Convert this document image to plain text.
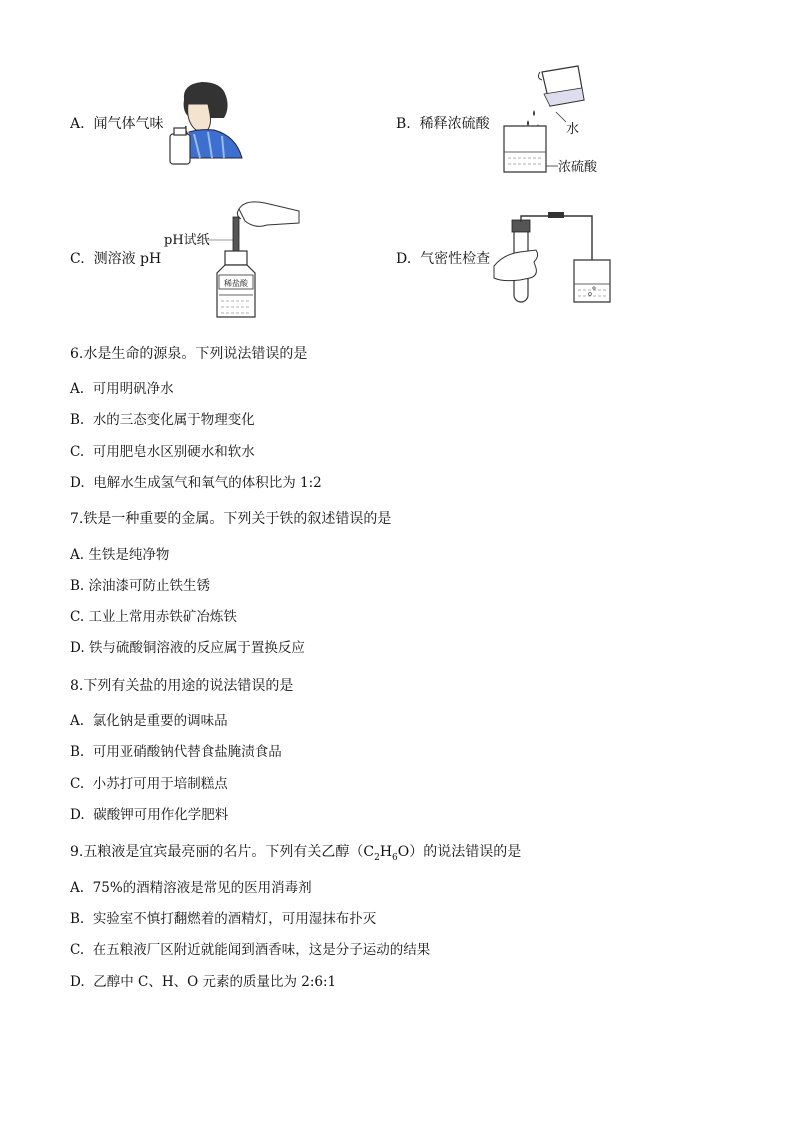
A. 闻气体气味	B. 稀释浓硫酸	水
浓硫酸
C. 测溶液 pH
pH试纸
稀盐酸
D. 气密性检查
6.水是生命的源泉。下列说法错误的是
A. 可用明矾净水
B. 水的三态变化属于物理变化
C. 可用肥皂水区别硬水和软水
D. 电解水生成氢气和氧气的体积比为 1:2
7.铁是一种重要的金属。下列关于铁的叙述错误的是
A. 生铁是纯净物
B. 涂油漆可防止铁生锈
C. 工业上常用赤铁矿冶炼铁
D. 铁与硫酸铜溶液的反应属于置换反应
8.下列有关盐的用途的说法错误的是
A. 氯化钠是重要的调味品
B. 可用亚硝酸钠代替食盐腌渍食品
C. 小苏打可用于培制糕点
D. 碳酸钾可用作化学肥料
9.五粮液是宜宾最亮丽的名片。下列有关乙醇$(C_2H_6O)$的说法错误的是
A. 75%的酒精溶液是常见的医用消毒剂
B. 实验室不慎打翻燃着的酒精灯，可用湿抹布扑灭
C. 在五粮液厂区附近就能闻到酒香味，这是分子运动的结果
D. 乙醇中 C、H、O 元素的质量比为 2:6:1
